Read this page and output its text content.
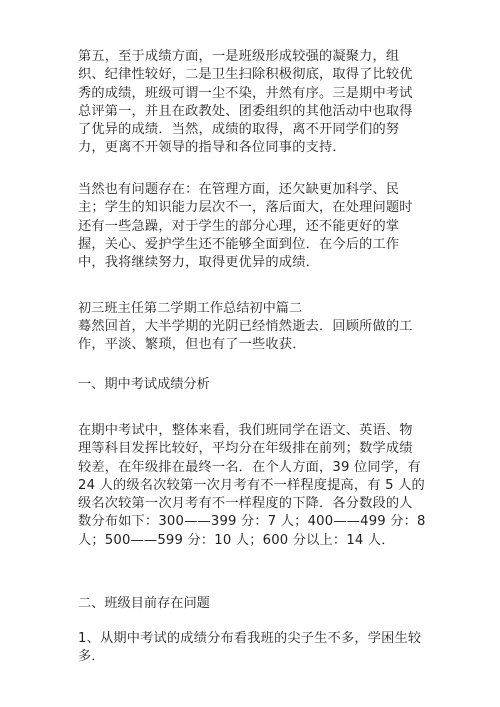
第五，至于成绩方面，一是班级形成较强的凝聚力，组织、纪律性较好，二是卫生扫除积极彻底，取得了比较优秀的成绩，班级可谓一尘不染，井然有序。三是期中考试总评第一，并且在政教处、团委组织的其他活动中也取得了优异的成绩．当然，成绩的取得，离不开同学们的努力，更离不开领导的指导和各位同事的支持．

当然也有问题存在：在管理方面，还欠缺更加科学、民主；学生的知识能力层次不一，落后面大，在处理问题时还有一些急躁，对于学生的部分心理，还不能更好的掌握，关心、爱护学生还不能够全面到位．在今后的工作中，我将继续努力，取得更优异的成绩．

初三班主任第二学期工作总结初中篇二

蓦然回首，大半学期的光阴已经悄然逝去．回顾所做的工作，平淡、繁琐，但也有了一些收获．

一、期中考试成绩分析

在期中考试中，整体来看，我们班同学在语文、英语、物理等科目发挥比较好，平均分在年级排在前列；数学成绩较差，在年级排在最终一名．在个人方面，39 位同学，有 24 人的级名次较第一次月考有不一样程度提高，有 5 人的级名次较第一次月考有不一样程度的下降．各分数段的人数分布如下：300——399 分：7 人；400——499 分：8 人；500——599 分：10 人；600 分以上：14 人．

二、班级目前存在问题

1、从期中考试的成绩分布看我班的尖子生不多，学困生较多．
